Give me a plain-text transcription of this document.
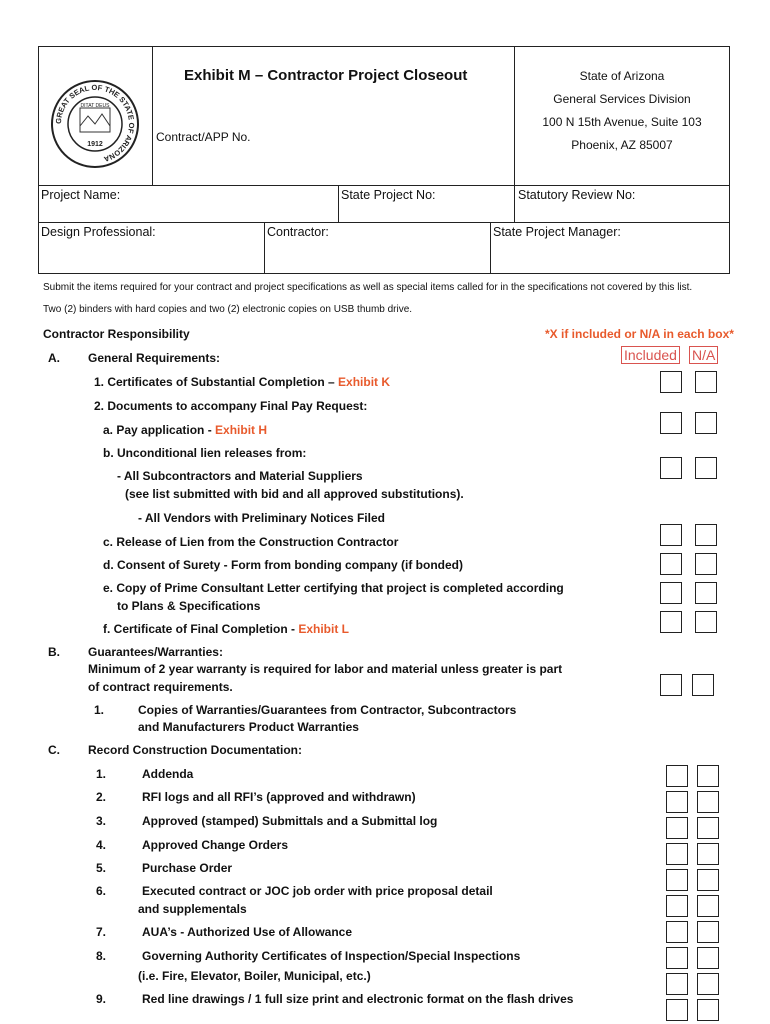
GREAT SEAL OF THE STATE OF ARIZONA
DITAT DEUS
1912
Exhibit M – Contractor Project Closeout
Contract/APP No.
State of Arizona
General Services Division
100 N 15th Avenue, Suite 103
Phoenix, AZ 85007
Project Name:	State Project No:	Statutory Review No:
Design Professional:	Contractor:	State Project Manager:
Submit the items required for your contract and project specifications as well as special items called for in the specifications not covered by this list.
Two (2) binders with hard copies and two (2) electronic copies on USB thumb drive.
Contractor Responsibility	*X if included or N/A in each box*
Included N/A
A. General Requirements:
1. Certificates of Substantial Completion – Exhibit K
2. Documents to accompany Final Pay Request:
a. Pay application - Exhibit H
b. Unconditional lien releases from:
- All Subcontractors and Material Suppliers
(see list submitted with bid and all approved substitutions).
- All Vendors with Preliminary Notices Filed
c. Release of Lien from the Construction Contractor
d. Consent of Surety - Form from bonding company (if bonded)
e. Copy of Prime Consultant Letter certifying that project is completed according
to Plans & Specifications
f. Certificate of Final Completion - Exhibit L
B. Guarantees/Warranties:
Minimum of 2 year warranty is required for labor and material unless greater is part
of contract requirements.
1.	Copies of Warranties/Guarantees from Contractor, Subcontractors
and Manufacturers Product Warranties
C. Record Construction Documentation:
1.	Addenda
2.	RFI logs and all RFI’s (approved and withdrawn)
3.	Approved (stamped) Submittals and a Submittal log
4.	Approved Change Orders
5.	Purchase Order
6.	Executed contract or JOC job order with price proposal detail
and supplementals
7.	AUA’s - Authorized Use of Allowance
8.	Governing Authority Certificates of Inspection/Special Inspections
(i.e. Fire, Elevator, Boiler, Municipal, etc.)
9.	Red line drawings / 1 full size print and electronic format on the flash drives
